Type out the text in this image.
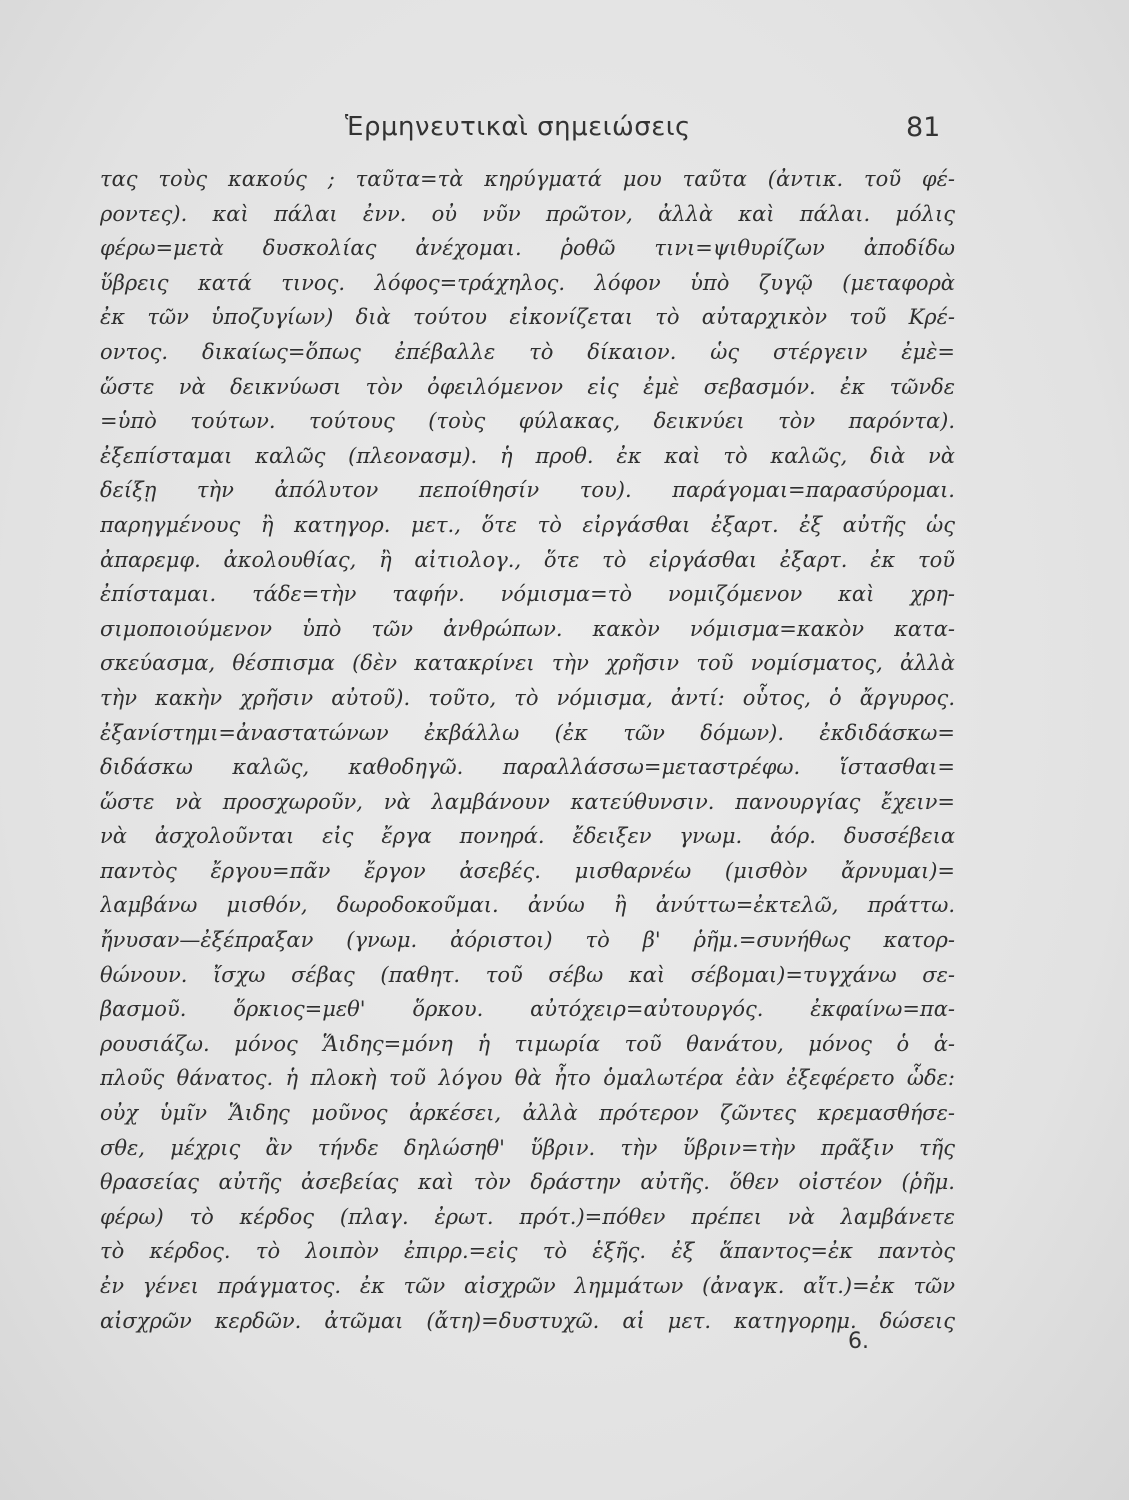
Ἑρμηνευτικαὶ σημειώσεις	81
τας τοὺς κακούς ; ταῦτα=τὰ κηρύγματά μου ταῦτα (ἀντικ. τοῦ φέ-
ροντες). καὶ πάλαι ἐνν. οὐ νῦν πρῶτον, ἀλλὰ καὶ πάλαι. μόλις
φέρω=μετὰ δυσκολίας ἀνέχομαι. ῥοθῶ τινι=ψιθυρίζων ἀποδίδω
ὕβρεις κατά τινος. λόφος=τράχηλος. λόφον ὑπὸ ζυγῷ (μεταφορὰ
ἐκ τῶν ὑποζυγίων) διὰ τούτου εἰκονίζεται τὸ αὐταρχικὸν τοῦ Κρέ-
οντος. δικαίως=ὅπως ἐπέβαλλε τὸ δίκαιον. ὡς στέργειν ἐμὲ=
ὥστε νὰ δεικνύωσι τὸν ὀφειλόμενον εἰς ἐμὲ σεβασμόν. ἐκ τῶνδε
=ὑπὸ τούτων. τούτους (τοὺς φύλακας, δεικνύει τὸν παρόντα).
ἐξεπίσταμαι καλῶς (πλεονασμ). ἡ προθ. ἐκ καὶ τὸ καλῶς, διὰ νὰ
δείξῃ τὴν ἀπόλυτον πεποίθησίν του). παράγομαι=παρασύρομαι.
παρηγμένους ἢ κατηγορ. μετ., ὅτε τὸ εἰργάσθαι ἐξαρτ. ἐξ αὐτῆς ὡς
ἀπαρεμφ. ἀκολουθίας, ἢ αἰτιολογ., ὅτε τὸ εἰργάσθαι ἐξαρτ. ἐκ τοῦ
ἐπίσταμαι. τάδε=τὴν ταφήν. νόμισμα=τὸ νομιζόμενον καὶ χρη-
σιμοποιούμενον ὑπὸ τῶν ἀνθρώπων. κακὸν νόμισμα=κακὸν κατα-
σκεύασμα, θέσπισμα (δὲν κατακρίνει τὴν χρῆσιν τοῦ νομίσματος, ἀλλὰ
τὴν κακὴν χρῆσιν αὐτοῦ). τοῦτο, τὸ νόμισμα, ἀντί: οὗτος, ὁ ἄργυρος.
ἐξανίστημι=ἀναστατώνων ἐκβάλλω (ἐκ τῶν δόμων). ἐκδιδάσκω=
διδάσκω καλῶς, καθοδηγῶ. παραλλάσσω=μεταστρέφω. ἵστασθαι=
ὥστε νὰ προσχωροῦν, νὰ λαμβάνουν κατεύθυνσιν. πανουργίας ἔχειν=
νὰ ἀσχολοῦνται εἰς ἔργα πονηρά. ἔδειξεν γνωμ. ἀόρ. δυσσέβεια
παντὸς ἔργου=πᾶν ἔργον ἀσεβές. μισθαρνέω (μισθὸν ἄρνυμαι)=
λαμβάνω μισθόν, δωροδοκοῦμαι. ἀνύω ἢ ἀνύττω=ἐκτελῶ, πράττω.
ἤνυσαν—ἐξέπραξαν (γνωμ. ἀόριστοι) τὸ β' ῥῆμ.=συνήθως κατορ-
θώνουν. ἴσχω σέβας (παθητ. τοῦ σέβω καὶ σέβομαι)=τυγχάνω σε-
βασμοῦ. ὅρκιος=μεθ' ὅρκου. αὐτόχειρ=αὐτουργός. ἐκφαίνω=πα-
ρουσιάζω. μόνος Ἅιδης=μόνη ἡ τιμωρία τοῦ θανάτου, μόνος ὁ ἁ-
πλοῦς θάνατος. ἡ πλοκὴ τοῦ λόγου θὰ ἦτο ὁμαλωτέρα ἐὰν ἐξεφέρετο ὧδε:
οὐχ ὑμῖν Ἅιδης μοῦνος ἀρκέσει, ἀλλὰ πρότερον ζῶντες κρεμασθήσε-
σθε, μέχρις ἂν τήνδε δηλώσηθ' ὕβριν. τὴν ὕβριν=τὴν πρᾶξιν τῆς
θρασείας αὐτῆς ἀσεβείας καὶ τὸν δράστην αὐτῆς. ὅθεν οἰστέον (ῥῆμ.
φέρω) τὸ κέρδος (πλαγ. ἐρωτ. πρότ.)=πόθεν πρέπει νὰ λαμβάνετε
τὸ κέρδος. τὸ λοιπὸν ἐπιρρ.=εἰς τὸ ἑξῆς. ἐξ ἅπαντος=ἐκ παντὸς
ἐν γένει πράγματος. ἐκ τῶν αἰσχρῶν λημμάτων (ἀναγκ. αἴτ.)=ἐκ τῶν
αἰσχρῶν κερδῶν. ἀτῶμαι (ἄτη)=δυστυχῶ. αἱ μετ. κατηγορημ. δώσεις
6.
